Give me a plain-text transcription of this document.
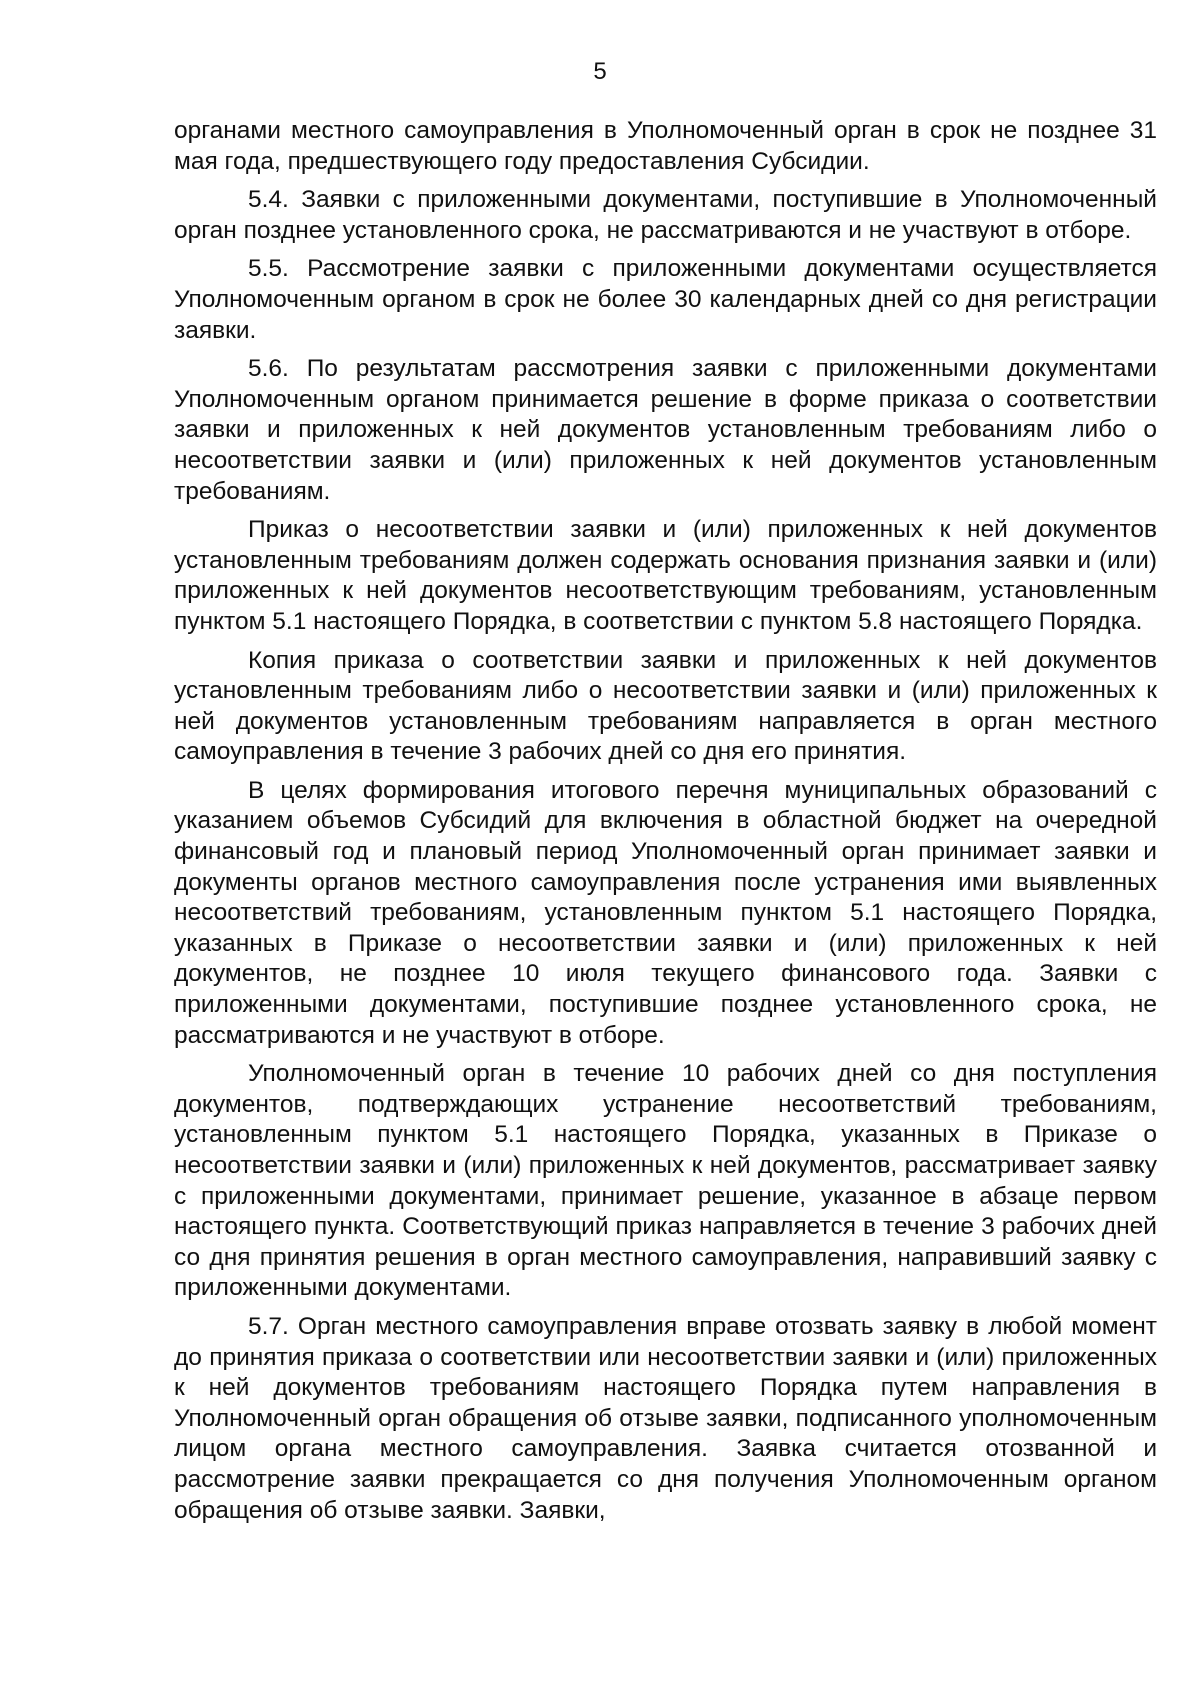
5

органами местного самоуправления в Уполномоченный орган в срок не позднее 31 мая года, предшествующего году предоставления Субсидии.

5.4. Заявки с приложенными документами, поступившие в Уполномоченный орган позднее установленного срока, не рассматриваются и не участвуют в отборе.

5.5. Рассмотрение заявки с приложенными документами осуществляется Уполномоченным органом в срок не более 30 календарных дней со дня регистрации заявки.

5.6. По результатам рассмотрения заявки с приложенными документами Уполномоченным органом принимается решение в форме приказа о соответствии заявки и приложенных к ней документов установленным требованиям либо о несоответствии заявки и (или) приложенных к ней документов установленным требованиям.

Приказ о несоответствии заявки и (или) приложенных к ней документов установленным требованиям должен содержать основания признания заявки и (или) приложенных к ней документов несоответствующим требованиям, установленным пунктом 5.1 настоящего Порядка, в соответствии с пунктом 5.8 настоящего Порядка.

Копия приказа о соответствии заявки и приложенных к ней документов установленным требованиям либо о несоответствии заявки и (или) приложенных к ней документов установленным требованиям направляется в орган местного самоуправления в течение 3 рабочих дней со дня его принятия.

В целях формирования итогового перечня муниципальных образований с указанием объемов Субсидий для включения в областной бюджет на очередной финансовый год и плановый период Уполномоченный орган принимает заявки и документы органов местного самоуправления после устранения ими выявленных несоответствий требованиям, установленным пунктом 5.1 настоящего Порядка, указанных в Приказе о несоответствии заявки и (или) приложенных к ней документов, не позднее 10 июля текущего финансового года. Заявки с приложенными документами, поступившие позднее установленного срока, не рассматриваются и не участвуют в отборе.

Уполномоченный орган в течение 10 рабочих дней со дня поступления документов, подтверждающих устранение несоответствий требованиям, установленным пунктом 5.1 настоящего Порядка, указанных в Приказе о несоответствии заявки и (или) приложенных к ней документов, рассматривает заявку с приложенными документами, принимает решение, указанное в абзаце первом настоящего пункта. Соответствующий приказ направляется в течение 3 рабочих дней со дня принятия решения в орган местного самоуправления, направивший заявку с приложенными документами.

5.7. Орган местного самоуправления вправе отозвать заявку в любой момент до принятия приказа о соответствии или несоответствии заявки и (или) приложенных к ней документов требованиям настоящего Порядка путем направления в Уполномоченный орган обращения об отзыве заявки, подписанного уполномоченным лицом органа местного самоуправления. Заявка считается отозванной и рассмотрение заявки прекращается со дня получения Уполномоченным органом обращения об отзыве заявки. Заявки,
